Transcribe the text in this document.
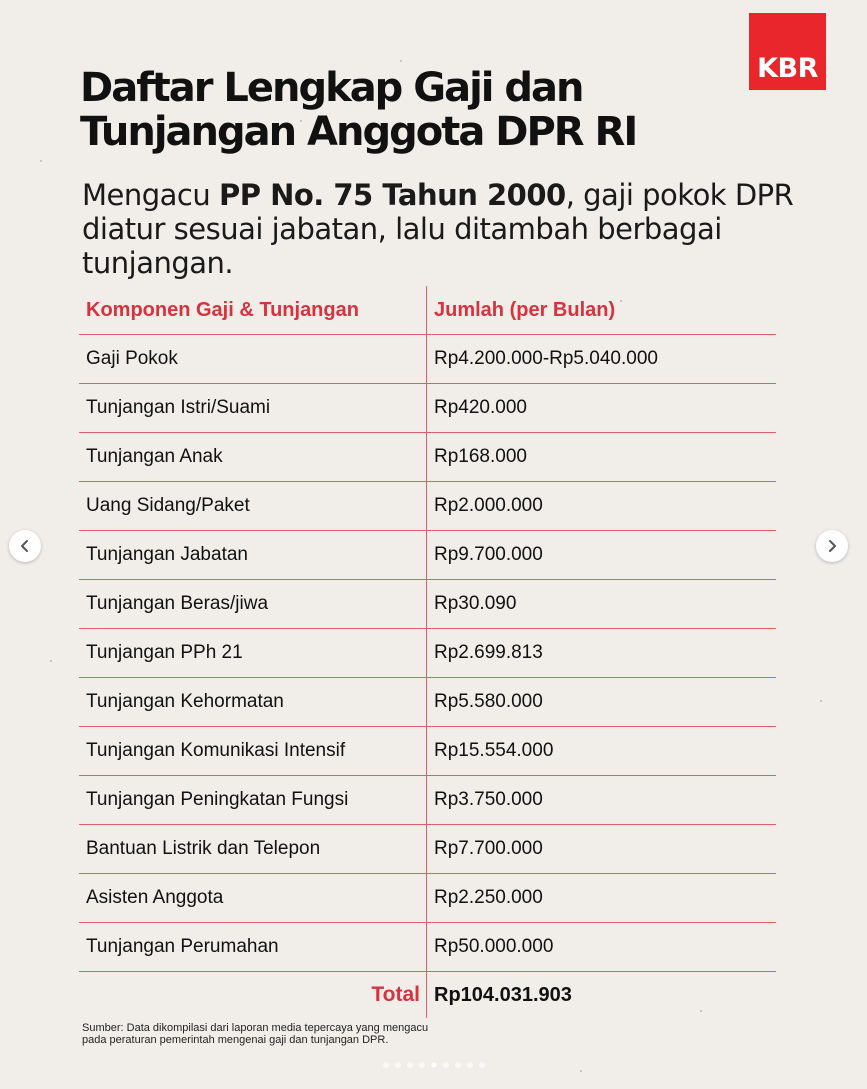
KBR
Daftar Lengkap Gaji dan
Tunjangan Anggota DPR RI
Mengacu PP No. 75 Tahun 2000, gaji pokok DPR diatur sesuai jabatan, lalu ditambah berbagai tunjangan.
Komponen Gaji & Tunjangan	Jumlah (per Bulan)
Gaji Pokok	Rp4.200.000-Rp5.040.000
Tunjangan Istri/Suami	Rp420.000
Tunjangan Anak	Rp168.000
Uang Sidang/Paket	Rp2.000.000
Tunjangan Jabatan	Rp9.700.000
Tunjangan Beras/jiwa	Rp30.090
Tunjangan PPh 21	Rp2.699.813
Tunjangan Kehormatan	Rp5.580.000
Tunjangan Komunikasi Intensif	Rp15.554.000
Tunjangan Peningkatan Fungsi	Rp3.750.000
Bantuan Listrik dan Telepon	Rp7.700.000
Asisten Anggota	Rp2.250.000
Tunjangan Perumahan	Rp50.000.000
Total Rp104.031.903
Sumber: Data dikompilasi dari laporan media tepercaya yang mengacu
pada peraturan pemerintah mengenai gaji dan tunjangan DPR.
